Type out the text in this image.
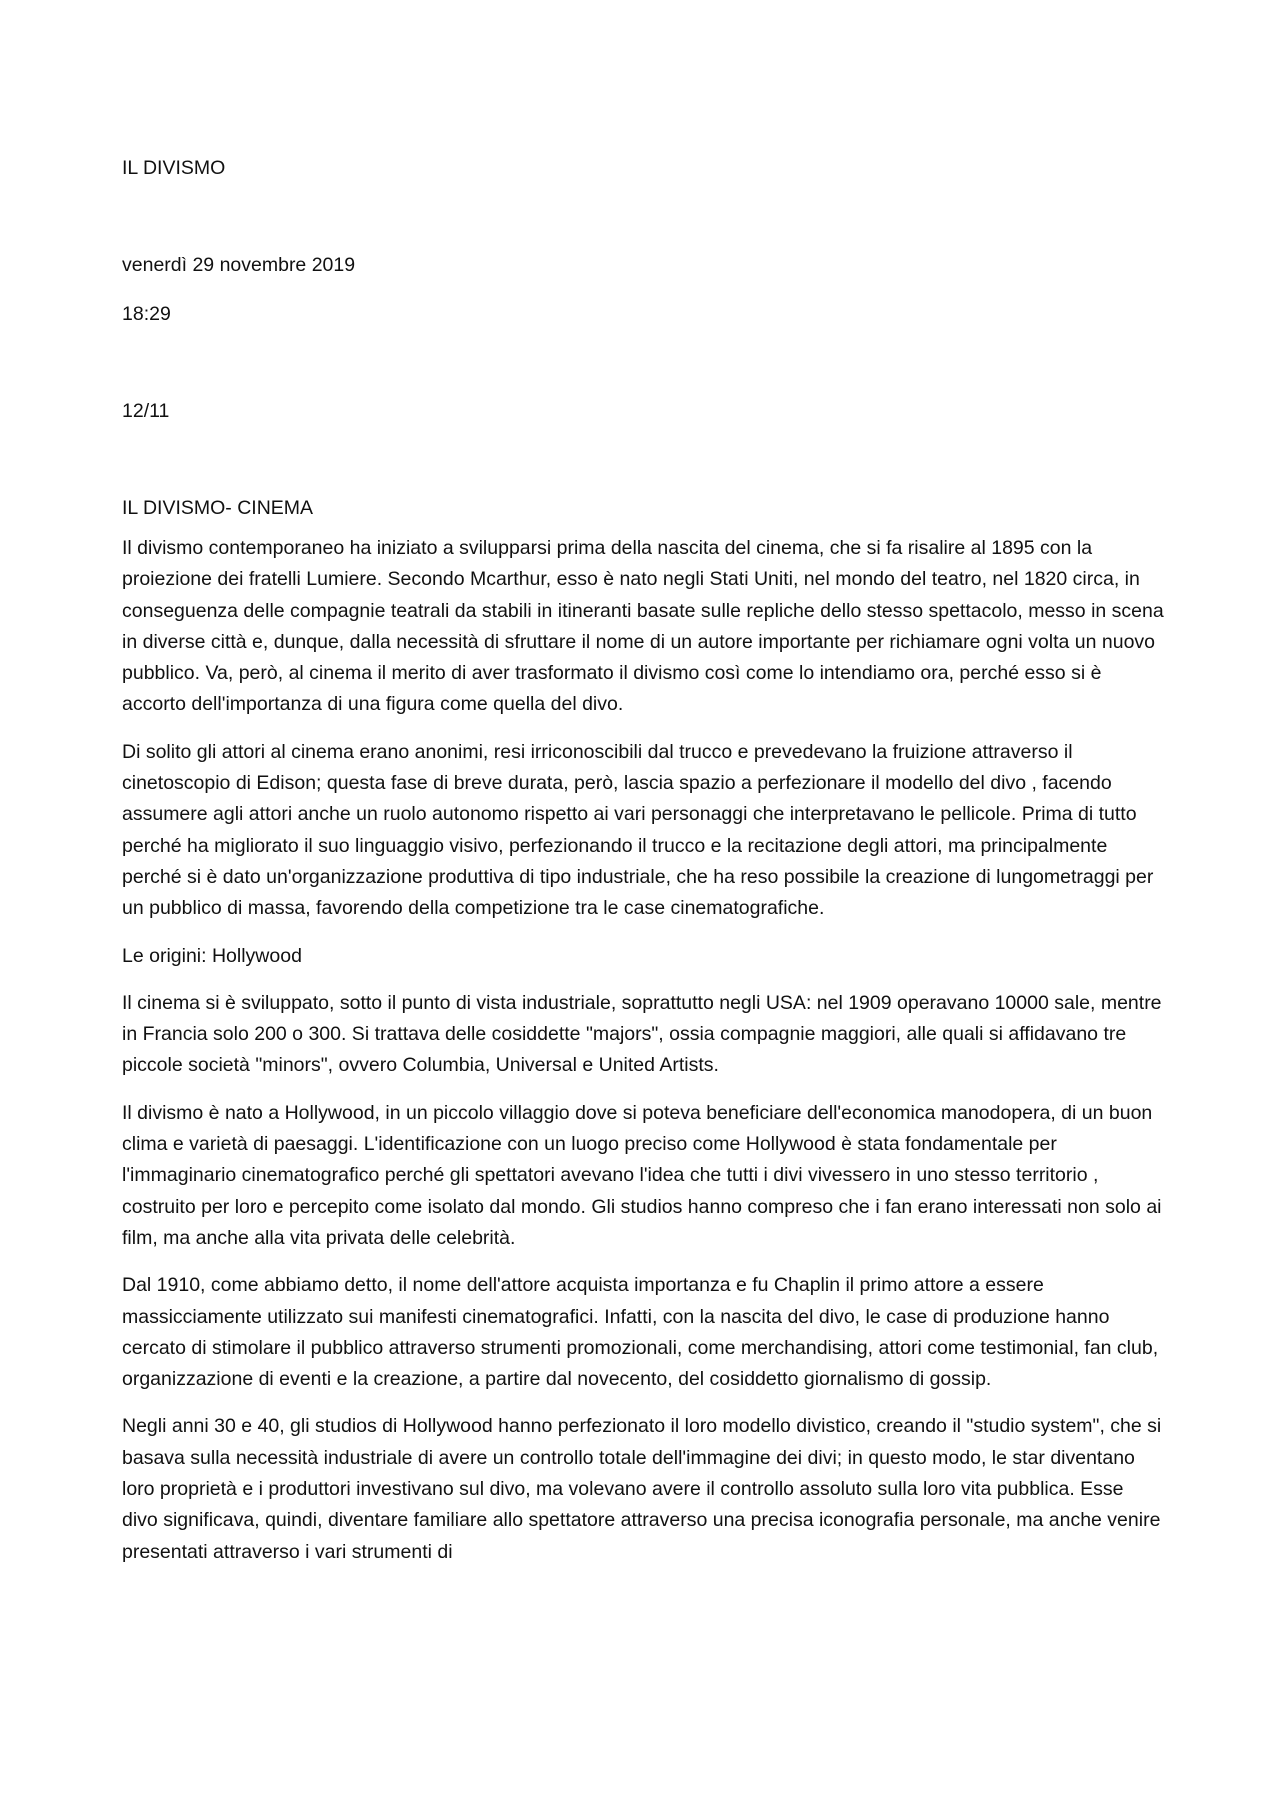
IL DIVISMO
venerdì 29 novembre 2019
18:29
12/11
IL DIVISMO- CINEMA

Il divismo contemporaneo ha iniziato a svilupparsi prima della nascita del cinema, che si fa risalire al 1895 con la proiezione dei fratelli Lumiere. Secondo Mcarthur, esso è nato negli Stati Uniti, nel mondo del teatro, nel 1820 circa, in conseguenza delle compagnie teatrali da stabili in itineranti basate sulle repliche dello stesso spettacolo, messo in scena in diverse città e, dunque, dalla necessità di sfruttare il nome di un autore importante per richiamare ogni volta un nuovo pubblico. Va, però, al cinema il merito di aver trasformato il divismo così come lo intendiamo ora, perché esso si è accorto dell'importanza di una figura come quella del divo.

Di solito gli attori al cinema erano anonimi, resi irriconoscibili dal trucco e prevedevano la fruizione attraverso il cinetoscopio di Edison; questa fase di breve durata, però, lascia spazio a perfezionare il modello del divo , facendo assumere agli attori anche un ruolo autonomo rispetto ai vari personaggi che interpretavano le pellicole. Prima di tutto perché ha migliorato il suo linguaggio visivo, perfezionando il trucco e la recitazione degli attori, ma principalmente perché si è dato un'organizzazione produttiva di tipo industriale, che ha reso possibile la creazione di lungometraggi per un pubblico di massa, favorendo della competizione tra le case cinematografiche.

Le origini: Hollywood

Il cinema si è sviluppato, sotto il punto di vista industriale, soprattutto negli USA: nel 1909 operavano 10000 sale, mentre in Francia solo 200 o 300. Si trattava delle cosiddette "majors", ossia compagnie maggiori, alle quali si affidavano tre piccole società "minors", ovvero Columbia, Universal e United Artists.

Il divismo è nato a Hollywood, in un piccolo villaggio dove si poteva beneficiare dell'economica manodopera, di un buon clima e varietà di paesaggi. L'identificazione con un luogo preciso come Hollywood è stata fondamentale per l'immaginario cinematografico perché gli spettatori avevano l'idea che tutti i divi vivessero in uno stesso territorio , costruito per loro e percepito come isolato dal mondo. Gli studios hanno compreso che i fan erano interessati non solo ai film, ma anche alla vita privata delle celebrità.

Dal 1910, come abbiamo detto, il nome dell'attore acquista importanza e fu Chaplin il primo attore a essere massicciamente utilizzato sui manifesti cinematografici. Infatti, con la nascita del divo, le case di produzione hanno cercato di stimolare il pubblico attraverso strumenti promozionali, come merchandising, attori come testimonial, fan club, organizzazione di eventi e la creazione, a partire dal novecento, del cosiddetto giornalismo di gossip.

Negli anni 30 e 40, gli studios di Hollywood hanno perfezionato il loro modello divistico, creando il "studio system", che si basava sulla necessità industriale di avere un controllo totale dell'immagine dei divi; in questo modo, le star diventano loro proprietà e i produttori investivano sul divo, ma volevano avere il controllo assoluto sulla loro vita pubblica. Esse divo significava, quindi, diventare familiare allo spettatore attraverso una precisa iconografia personale, ma anche venire presentati attraverso i vari strumenti di
